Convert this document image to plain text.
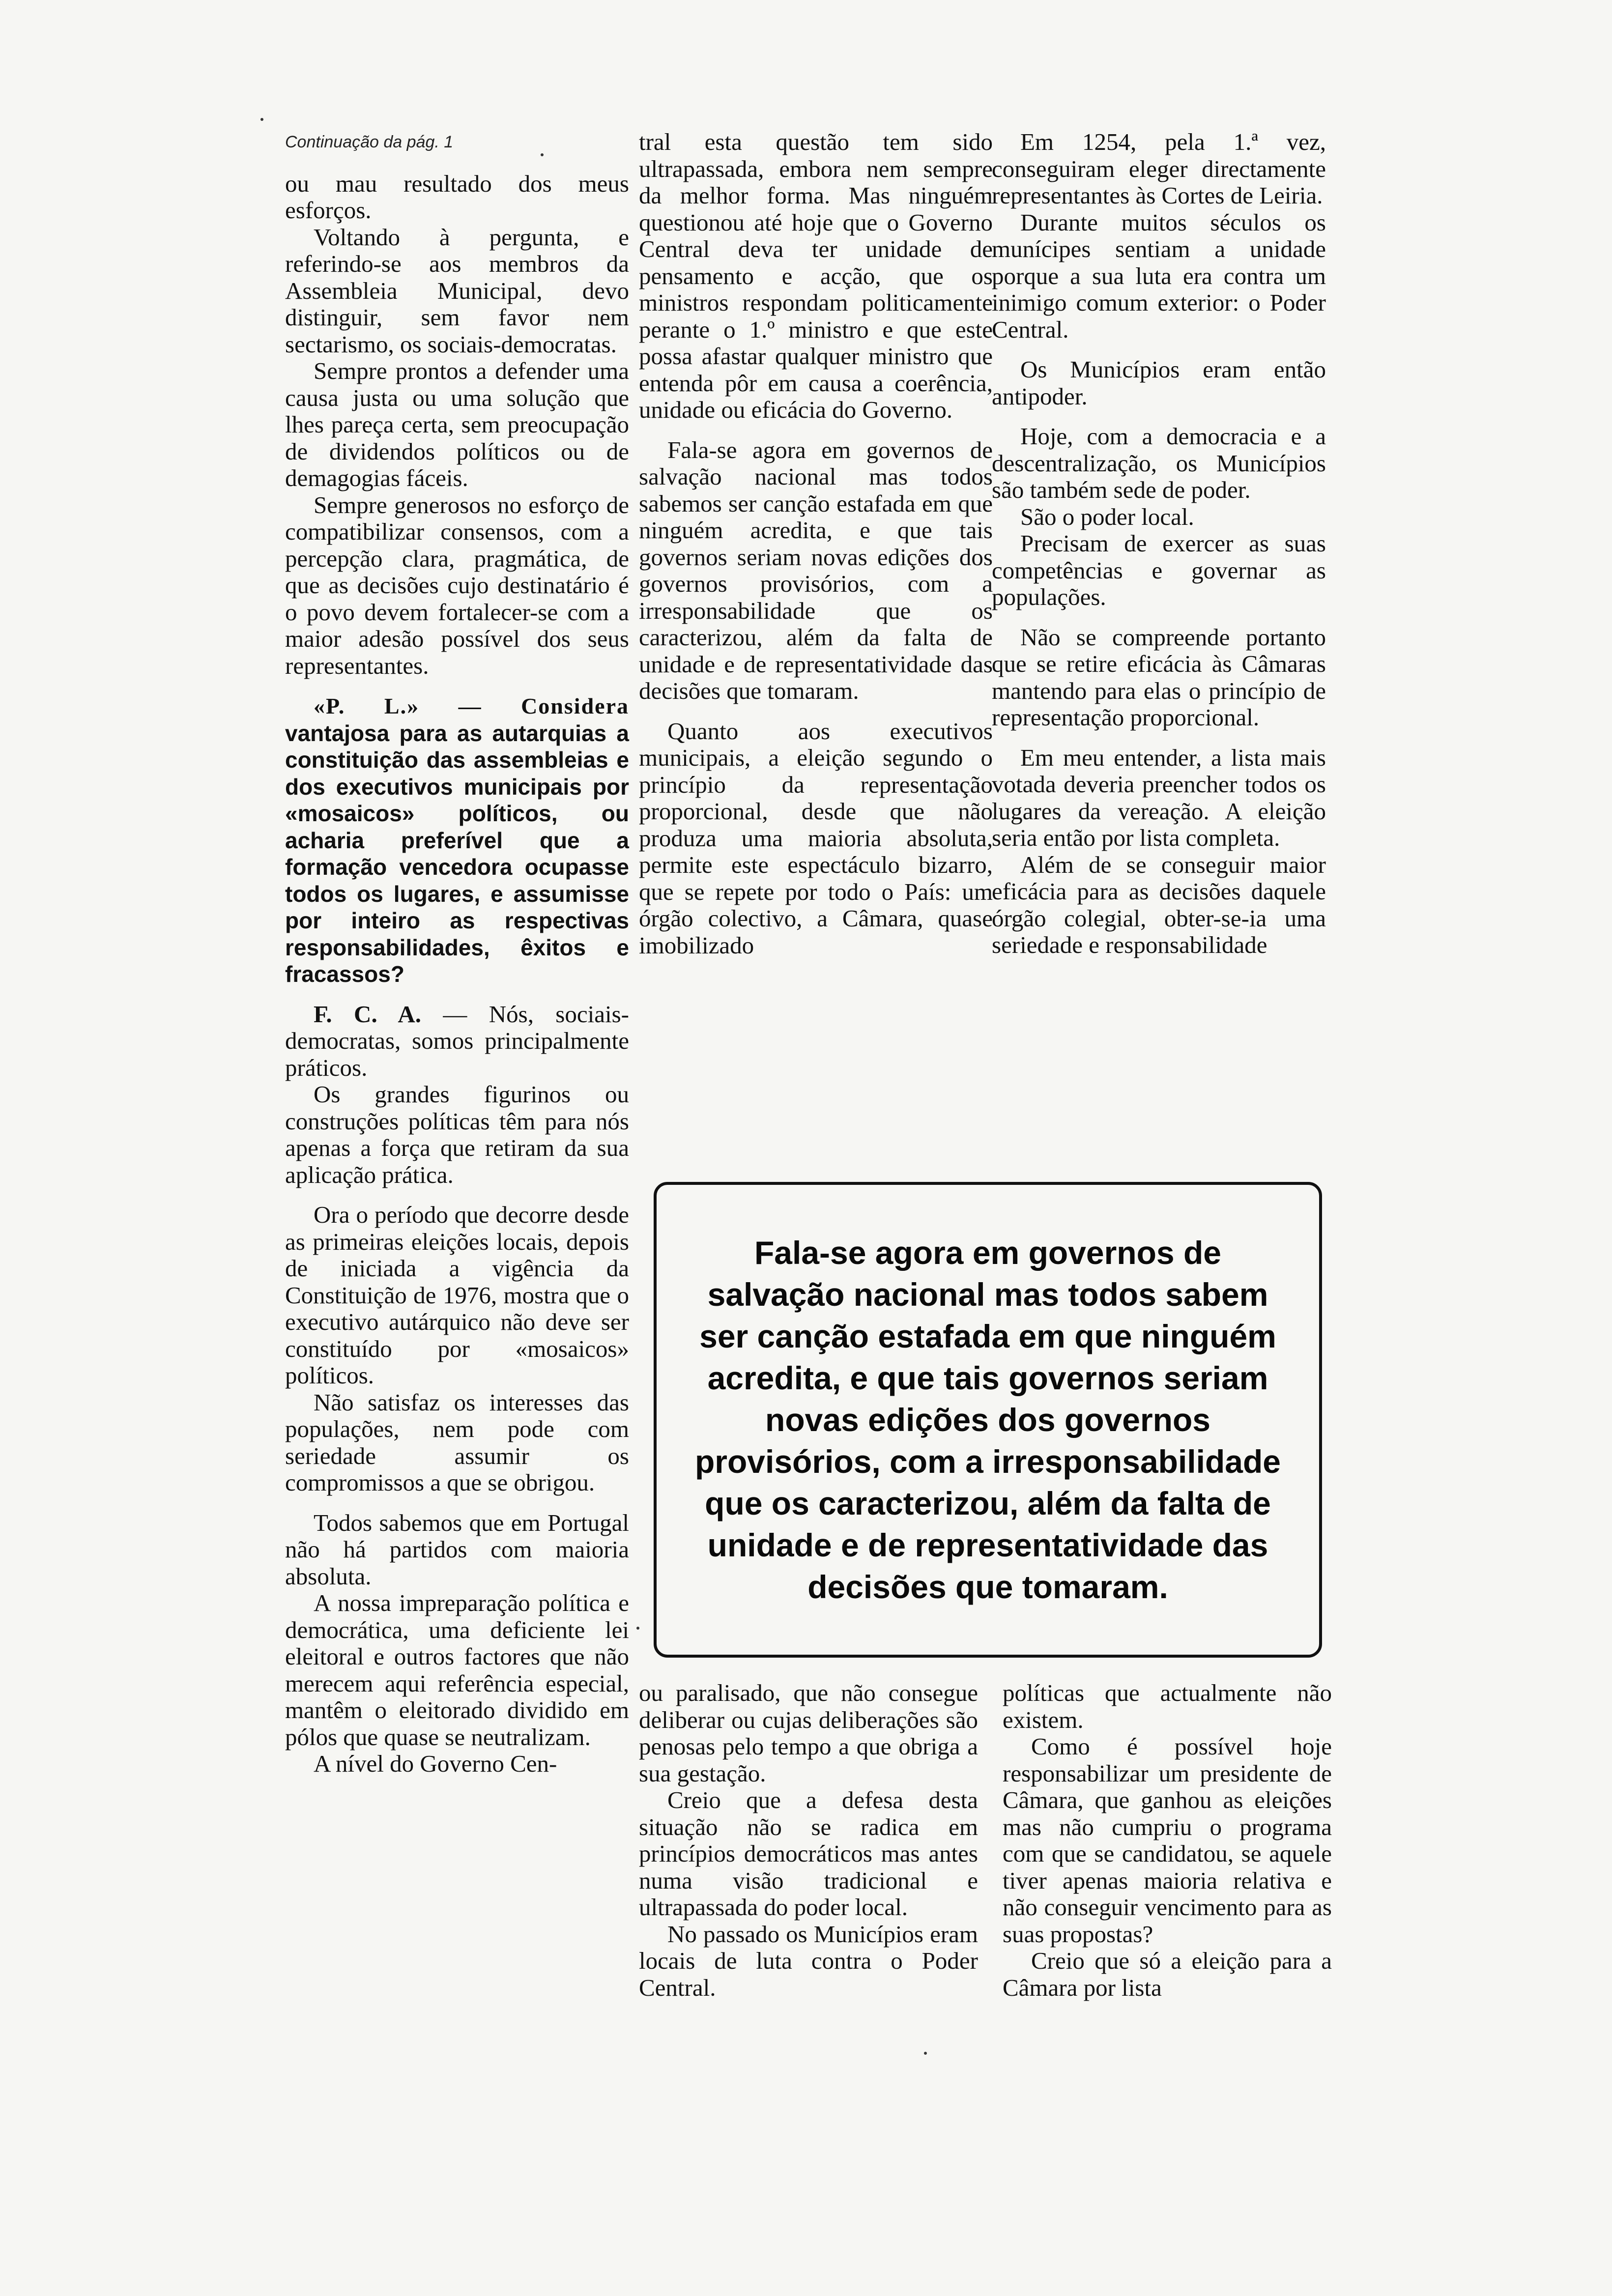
Continuação da pág. 1

ou mau resultado dos meus esforços.

Voltando à pergunta, e referindo-se aos membros da Assembleia Municipal, devo distinguir, sem favor nem sectarismo, os sociais-democratas.

Sempre prontos a defender uma causa justa ou uma solução que lhes pareça certa, sem preocupação de dividendos políticos ou de demagogias fáceis.

Sempre generosos no esforço de compatibilizar consensos, com a percepção clara, pragmática, de que as decisões cujo destinatário é o povo devem fortalecer-se com a maior adesão possível dos seus representantes.

«P. L.» — Considera vantajosa para as autarquias a constituição das assembleias e dos executivos municipais por «mosaicos» políticos, ou acharia preferível que a formação vencedora ocupasse todos os lugares, e assumisse por inteiro as respectivas responsabilidades, êxitos e fracassos?

F. C. A. — Nós, sociais-democratas, somos principalmente práticos.

Os grandes figurinos ou construções políticas têm para nós apenas a força que retiram da sua aplicação prática.

Ora o período que decorre desde as primeiras eleições locais, depois de iniciada a vigência da Constituição de 1976, mostra que o executivo autárquico não deve ser constituído por «mosaicos» políticos.

Não satisfaz os interesses das populações, nem pode com seriedade assumir os compromissos a que se obrigou.

Todos sabemos que em Portugal não há partidos com maioria absoluta.

A nossa impreparação política e democrática, uma deficiente lei eleitoral e outros factores que não merecem aqui referência especial, mantêm o eleitorado dividido em pólos que quase se neutralizam.

A nível do Governo Cen-

tral esta questão tem sido ultrapassada, embora nem sempre da melhor forma. Mas ninguém questionou até hoje que o Governo Central deva ter unidade de pensamento e acção, que os ministros respondam politicamente perante o 1.º ministro e que este possa afastar qualquer ministro que entenda pôr em causa a coerência, unidade ou eficácia do Governo.

Fala-se agora em governos de salvação nacional mas todos sabemos ser canção estafada em que ninguém acredita, e que tais governos seriam novas edições dos governos provisórios, com a irresponsabilidade que os caracterizou, além da falta de unidade e de representatividade das decisões que tomaram.

Quanto aos executivos municipais, a eleição segundo o princípio da representação proporcional, desde que não produza uma maioria absoluta, permite este espectáculo bizarro, que se repete por todo o País: um órgão colectivo, a Câmara, quase imobilizado

Em 1254, pela 1.ª vez, conseguiram eleger directamente representantes às Cortes de Leiria.

Durante muitos séculos os munícipes sentiam a unidade porque a sua luta era contra um inimigo comum exterior: o Poder Central.

Os Municípios eram então antipoder.

Hoje, com a democracia e a descentralização, os Municípios são também sede de poder.

São o poder local.

Precisam de exercer as suas competências e governar as populações.

Não se compreende portanto que se retire eficácia às Câmaras mantendo para elas o princípio de representação proporcional.

Em meu entender, a lista mais votada deveria preencher todos os lugares da vereação. A eleição seria então por lista completa.

Além de se conseguir maior eficácia para as decisões daquele órgão colegial, obter-se-ia uma seriedade e responsabilidade

Fala-se agora em governos de salvação nacional mas todos sabem ser canção estafada em que ninguém acredita, e que tais governos seriam novas edições dos governos provisórios, com a irresponsabilidade que os caracterizou, além da falta de unidade e de representatividade das decisões que tomaram.

ou paralisado, que não consegue deliberar ou cujas deliberações são penosas pelo tempo a que obriga a sua gestação.

Creio que a defesa desta situação não se radica em princípios democráticos mas antes numa visão tradicional e ultrapassada do poder local.

No passado os Municípios eram locais de luta contra o Poder Central.

políticas que actualmente não existem.

Como é possível hoje responsabilizar um presidente de Câmara, que ganhou as eleições mas não cumpriu o programa com que se candidatou, se aquele tiver apenas maioria relativa e não conseguir vencimento para as suas propostas?

Creio que só a eleição para a Câmara por lista
